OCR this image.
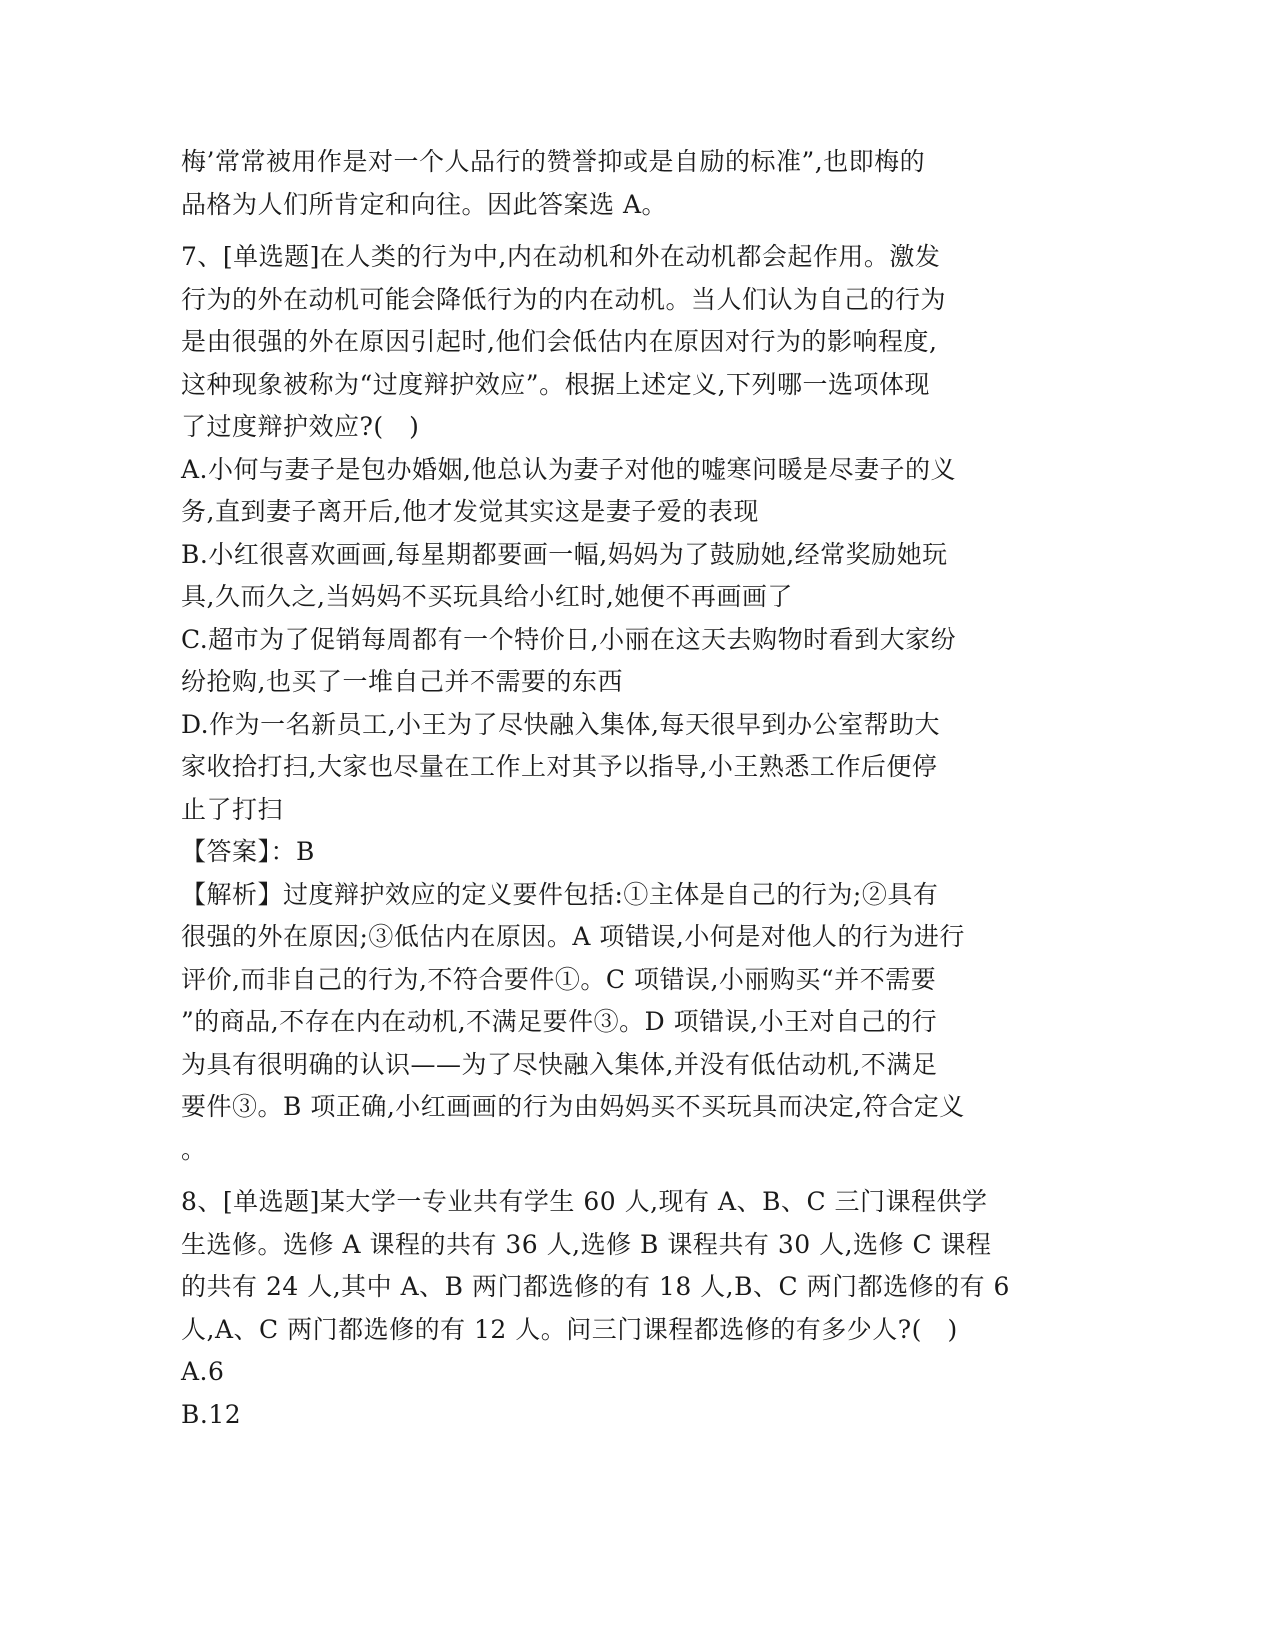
梅’常常被用作是对一个人品行的赞誉抑或是自励的标准”,也即梅的
品格为人们所肯定和向往。因此答案选 A。
7、[单选题]在人类的行为中,内在动机和外在动机都会起作用。激发
行为的外在动机可能会降低行为的内在动机。当人们认为自己的行为
是由很强的外在原因引起时,他们会低估内在原因对行为的影响程度,
这种现象被称为“过度辩护效应”。根据上述定义,下列哪一选项体现
了过度辩护效应?(　)
A.小何与妻子是包办婚姻,他总认为妻子对他的嘘寒问暖是尽妻子的义
务,直到妻子离开后,他才发觉其实这是妻子爱的表现
B.小红很喜欢画画,每星期都要画一幅,妈妈为了鼓励她,经常奖励她玩
具,久而久之,当妈妈不买玩具给小红时,她便不再画画了
C.超市为了促销每周都有一个特价日,小丽在这天去购物时看到大家纷
纷抢购,也买了一堆自己并不需要的东西
D.作为一名新员工,小王为了尽快融入集体,每天很早到办公室帮助大
家收拾打扫,大家也尽量在工作上对其予以指导,小王熟悉工作后便停
止了打扫
【答案】：B
【解析】过度辩护效应的定义要件包括:①主体是自己的行为;②具有
很强的外在原因;③低估内在原因。A 项错误,小何是对他人的行为进行
评价,而非自己的行为,不符合要件①。C 项错误,小丽购买“并不需要
”的商品,不存在内在动机,不满足要件③。D 项错误,小王对自己的行
为具有很明确的认识——为了尽快融入集体,并没有低估动机,不满足
要件③。B 项正确,小红画画的行为由妈妈买不买玩具而决定,符合定义
。
8、[单选题]某大学一专业共有学生 60 人,现有 A、B、C 三门课程供学
生选修。选修 A 课程的共有 36 人,选修 B 课程共有 30 人,选修 C 课程
的共有 24 人,其中 A、B 两门都选修的有 18 人,B、C 两门都选修的有 6
人,A、C 两门都选修的有 12 人。问三门课程都选修的有多少人?(　)
A.6
B.12
